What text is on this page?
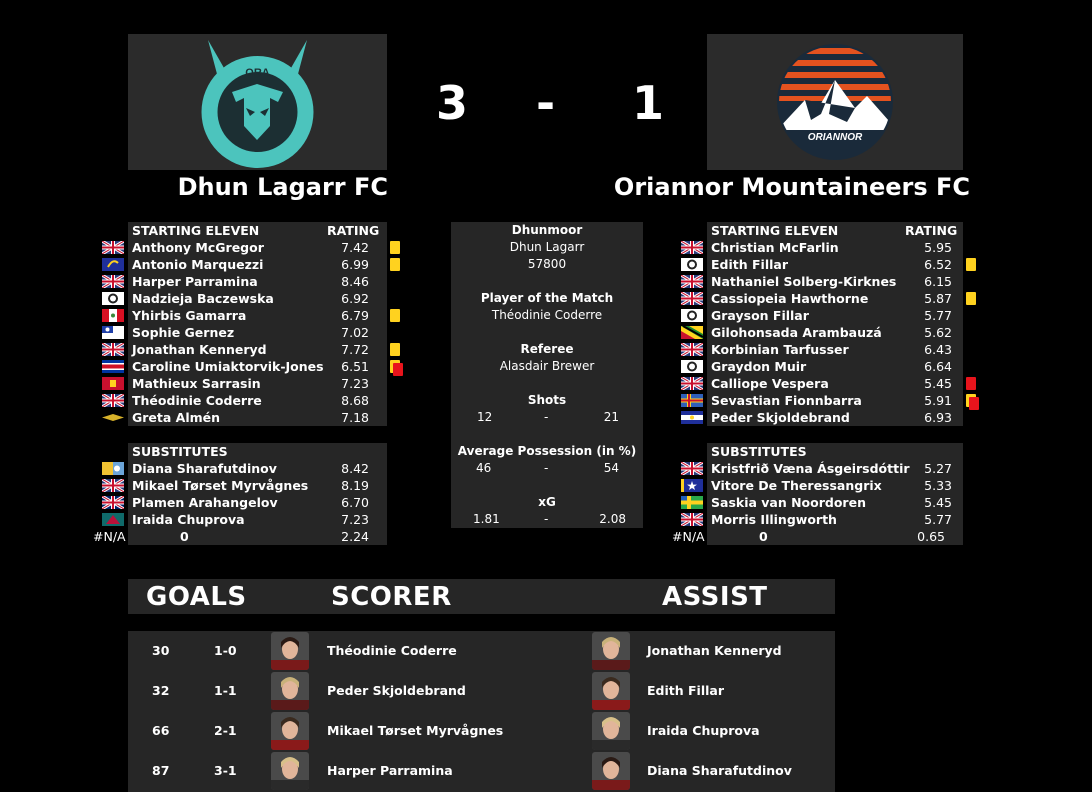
ORA
3 - 1
ORIANNOR
Dhun Lagarr FC	Oriannor Mountaineers FC
STARTING ELEVEN	RATING
Anthony McGregor	7.42
Antonio Marquezzi	6.99
Harper Parramina	8.46
Nadzieja Baczewska	6.92
Yhirbis Gamarra	6.79
Sophie Gernez	7.02
Jonathan Kenneryd	7.72
Caroline Umiaktorvik-Jones 6.51
Mathieux Sarrasin	7.23
Théodinie Coderre	8.68
Greta Almén	7.18
SUBSTITUTES
Diana Sharafutdinov	8.42
Mikael Tørset Myrvågnes	8.19
Plamen Arahangelov	6.70
Iraida Chuprova	7.23
#N/A	0	2.24
STARTING ELEVEN	RATING
Christian McFarlin	5.95
Edith Fillar	6.52
Nathaniel Solberg-Kirknes 6.15
Cassiopeia Hawthorne	5.87
Grayson Fillar	5.77
Gilohonsada Arambauzá	5.62
Korbinian Tarfusser	6.43
Graydon Muir	6.64
Calliope Vespera	5.45
Sevastian Fionnbarra	5.91
Peder Skjoldebrand	6.93
SUBSTITUTES
Kristfrið Væna Ásgeirsdóttir 5.27
Vitore De Theressangrix	5.33
Saskia van Noordoren	5.45
Morris Illingworth	5.77
#N/A	0	0.65
Dhunmoor
Dhun Lagarr
57800
Player of the Match
Théodinie Coderre
Referee
Alasdair Brewer
Shots
12	-	21
Average Possession (in %)
46	-	54
xG
1.81	-	2.08
GOALS	SCORER	ASSIST
30	1-0	Théodinie Coderre	Jonathan Kenneryd
32	1-1	Peder Skjoldebrand	Edith Fillar
66	2-1	Mikael Tørset Myrvågnes	Iraida Chuprova
87	3-1	Harper Parramina	Diana Sharafutdinov
